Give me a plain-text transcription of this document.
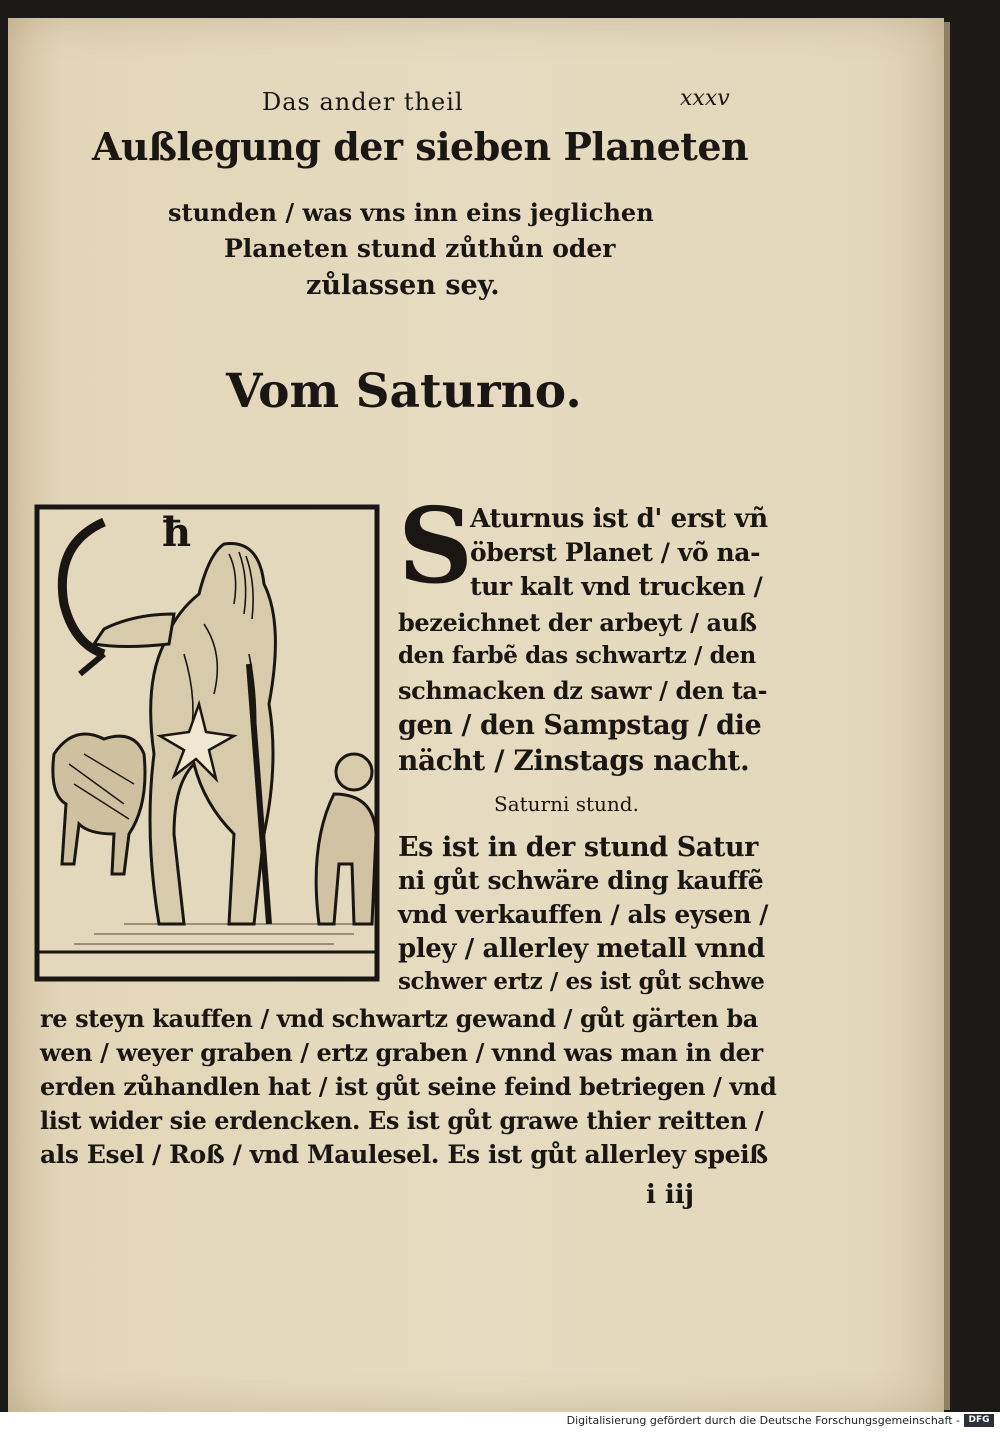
Das ander theil	xxxv
Außlegung der sieben Planeten
stunden / was vns inn eins jeglichen
Planeten stund zůthůn oder
zůlassen sey.
Vom Saturno.
ħ S
Aturnus ist d' erst vñ
öberst Planet / võ na-
tur kalt vnd trucken /
bezeichnet der arbeyt / auß
den farbẽ das schwartz / den
schmacken dz sawr / den ta-
gen / den Sampstag / die
nächt / Zinstags nacht.
Saturni stund.
Es ist in der stund Satur
ni gůt schwäre ding kauffẽ
vnd verkauffen / als eysen /
pley / allerley metall vnnd
schwer ertz / es ist gůt schwe
re steyn kauffen / vnd schwartz gewand / gůt gärten ba
wen / weyer graben / ertz graben / vnnd was man in der
erden zůhandlen hat / ist gůt seine feind betriegen / vnd
list wider sie erdencken. Es ist gůt grawe thier reitten /
als Esel / Roß / vnd Maulesel. Es ist gůt allerley speiß
i iij
Digitalisierung gefördert durch die Deutsche Forschungsgemeinschaft - DFG
